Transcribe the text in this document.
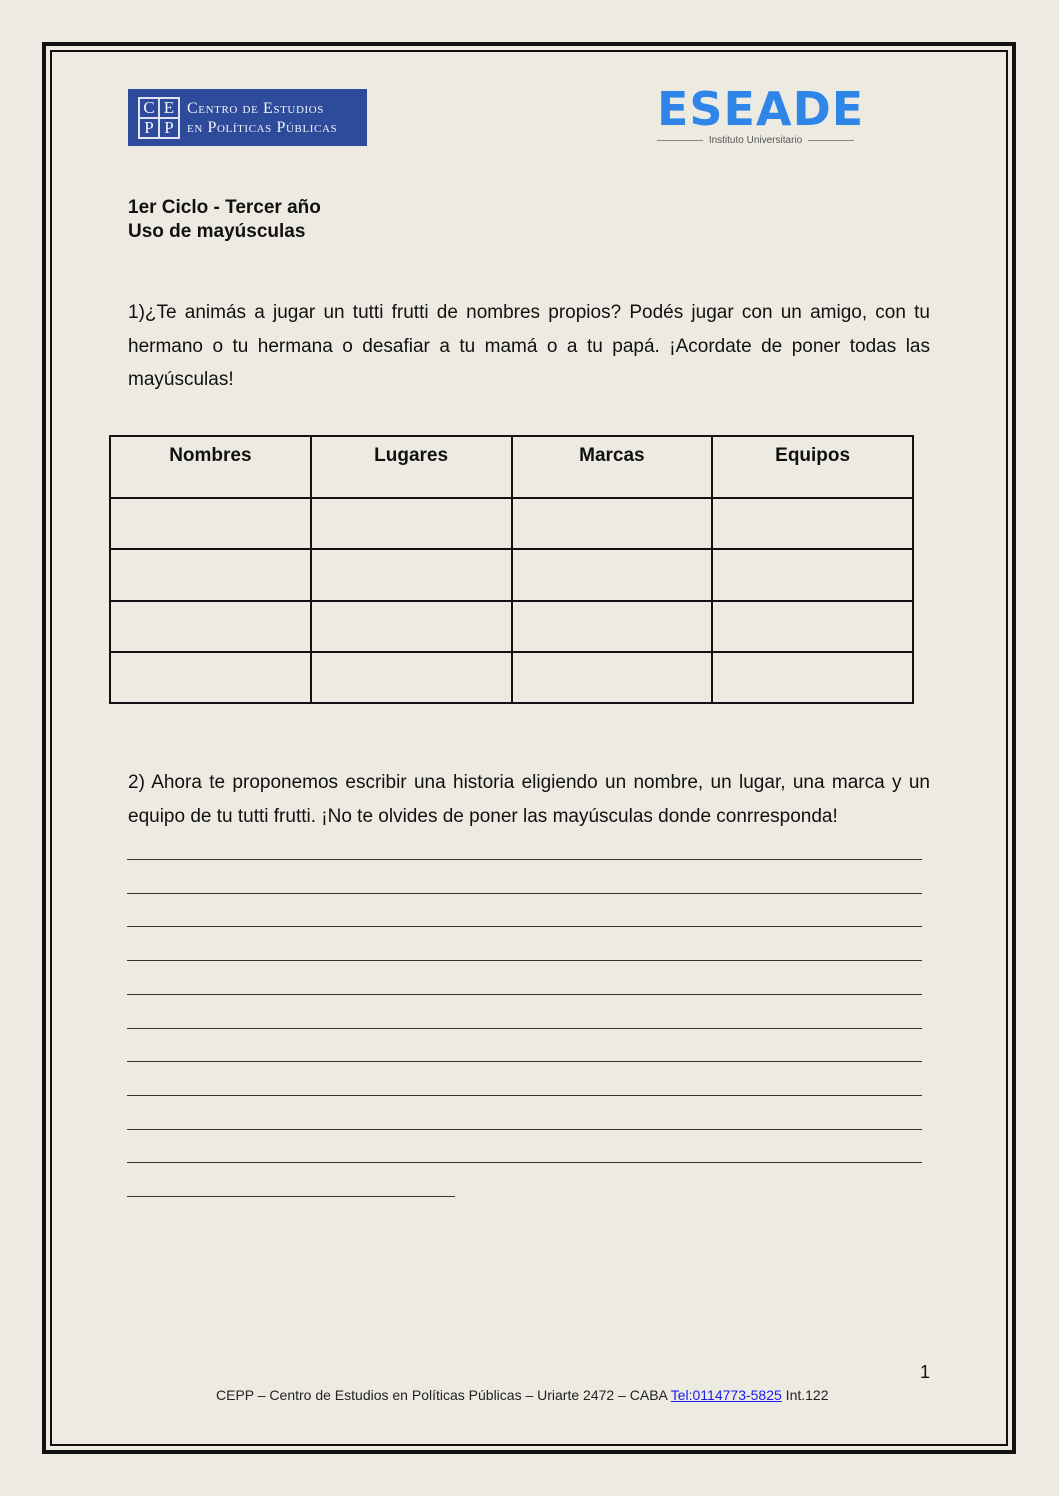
C E
P P
Centro de Estudios
en Políticas Públicas	ESEADE
Instituto Universitario
1er Ciclo - Tercer año
Uso de mayúsculas
1)¿Te animás a jugar un tutti frutti de nombres propios? Podés jugar con un amigo, con tu hermano o tu hermana o desafiar a tu mamá o a tu papá. ¡Acordate de poner todas las mayúsculas!
Nombres	Lugares	Marcas	Equipos

2) Ahora te proponemos escribir una historia eligiendo un nombre, un lugar, una marca y un equipo de tu tutti frutti. ¡No te olvides de poner las mayúsculas donde conrresponda!
1
CEPP – Centro de Estudios en Políticas Públicas – Uriarte 2472 – CABA Tel:0114773-5825 Int.122
